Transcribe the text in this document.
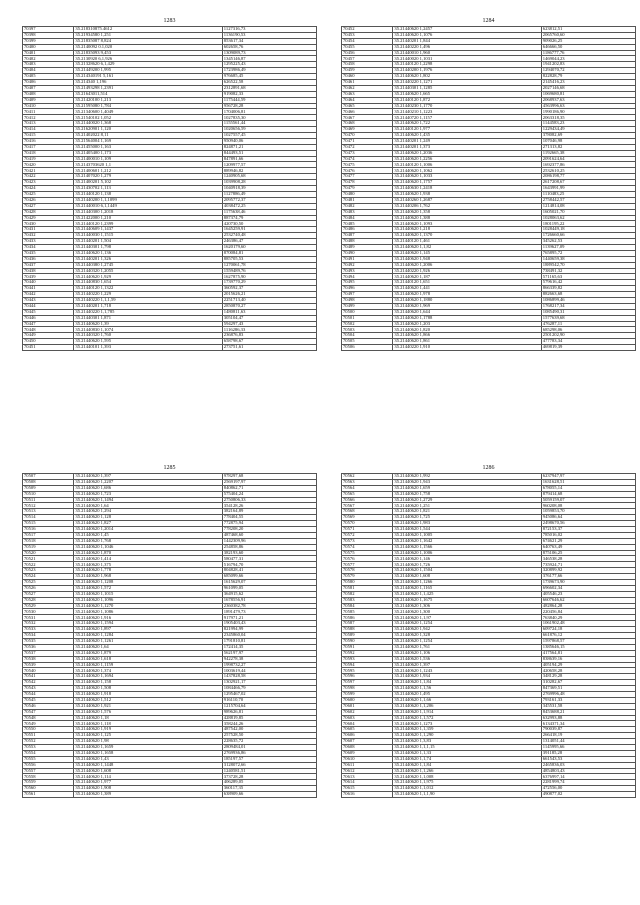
1283
70397	35.218310875.4612	1127316,73
70398	35.21934580 1,251	1136190,53
70399	35.21835087 8,824	853617,34
70400	35.2140092 0.1,020	602658,76
70401	35.21835093 9,453	1309089,73
70402	35.2130920 6,1,926	1345146,87
70403	35.21328620 6,1,429	1295225,43
70404	35.21449200 1,995	1723986,49
70405	35.214340191 5,161	976685,45
70406	35.214340 1,196	626522,58
70407	35.21493298 1,2391	2312891,68
70408	35.21643011,514	919082,33
70409	35.21420100 1,213	1175444,59
70410	35.21595080 1,784	956728,28
70411	35.21340600 1,4049	1704006,81
70412	35.21540102 1,052	1027835,30
70413	35.21440020 1,368	1155561,44
70414	35.21620901 1,120	1020656,59
70415	35.21402022 8,11	1027557,45
70416	35.21564004 1,169	950940,06
70417	35.21455000 1,163	824871,21
70418	35.21405400 1,173	844493,51
70419	35.21400010 1,109	847891,66
70420	35.2143703620 1,1	1209977,57
70421	35.21400601 1,212	889946,82
70422	35.21407020 1,279	1240905,68
70423	35.21400201 5,102	1039908,28
70424	35.21430702 1,113	1040918,39
70425	35.21440120 1,138	1127886,49
70426	35.21440200 1,1,1099	2095772,37
70427	35.21440010 6,1,1449	4038472,25
70428	35.21440300 1,2018	1175638,46
70429	35.21422000 1,210	887374,79
70430	35.21440120 1,2399	420730,50
70431	35.21440609 1,1437	1645259,91
70432	35.21440030 1,1515	2532740,48
70433	35.21440201 1,504	246386,47
70434	35.21440301 1,798	1620179,60
70435	35.21440620 1,136	870084,81
70436	35.21440201 1,326	885705,53
70437	35.21440380 1,2745	1270061,78
70438	35.21440320 1,2055	1559489,76
70439	35.21440620 1,929	1627875,90
70440	35.21440830 1,654	1739770,29
70441	35.21440120 1,1322	360592,37
70442	35.21440220 1,229	2015626,21
70443	35.21440220 1,1,1,59	2251713,40
70444	35.21440201 1,718	2850870,27
70445	35.21440220 1,1,785	1480811,63
70446	35.21440301 1,871	305104,47
70447	35.21440620 1,39	594297,43
70448	35.21440830 1,1074	1116286,33
70449	35.21440320 1,760	236876,83
70450	35.21440620 1,595	658798,67
70451	35.21440101 1,393	273751,61
1284
70452	35.21440620 1,2457	623812,51
70453	35.21440620 1,1076	2065760,60
70454	35.21440201 1,844	909026,25
70455	35.21440220 1,496	646666,50
70456	35.21440010 1,960	1186777,76
70457	35.21440020 1,1031	1469044,23
70458	35.21440120 1,2298	1941202,83
70459	35.21440200 1,1976	1294070,72
70460	35.21440620 1,802	822828,79
70461	35.21440220 1,1271	2145416,23
70462	35.21440301 1,1285	2027146,68
70463	35.21440620 1,665	1069680,81
70464	35.21440120 1,872	2068937,63
70465	35.21440230 1,1770	4563996,63
70466	35.21440210 1,1223	1990186,90
70467	35.21440720 1,1157	2063318,35
70468	35.21440620 1,722	1144583,23
70469	35.21440120 1,977	1229434,49
70470	35.21440620 1,435	378082,69
70471	35.21440201 1,249	107046,98
70472	35.21440201 1,373	271313,82
70473	35.21440620 1,2036	1192665,38
70474	35.21440620 1,2256	2091624,64
70475	35.21440120 1,1006	1692377,86
70476	35.21440620 1,1062	2532610,25
70477	35.21440620 1,1033	2086198,77
70478	35.21440620 1,1757	2617208,67
70479	35.21440630 1,2418	1643991,99
70480	35.21440620 1,938	1110483,25
70481	35.21440260 1,2687	2758442,57
70482	35.21440206 1,762	1214814,08
70483	35.21440620 1,358	1605021,70
70484	35.21440620 1,388	1028063,62
70485	35.21440620 1,1093	1801195,22
70486	35.21440620 1,218	1028449,18
70487	35.21440620 1,1370	1726660,66
70488	35.21440120 1,461	345262,53
70489	35.21440620 1,1,82	1139627,09
70490	35.21440620 1,145	765895,72
70491	35.21440620 1,948	1440659,38
70492	35.21440620 1,2006	1889542,70
70493	35.21440220 1,926	738491,32
70494	35.21440620 1,187	571165,63
70495	35.21440120 1,651	579616,42
70496	35.21440620 1,441	866339,82
70497	35.21440620 1,978	882663,68
70498	35.21440620 1,1880	1086899,46
70499	35.21440620 1,969	1768217,34
70500	35.21440620 1,644	1085490,31
70501	35.21440620 1,1788	1577639,68
70502	35.21440620 1,203	476287,11
70503	35.21440620 1,820	685298,06
70504	35.21440620 1,866	2501202,90
70505	35.21440620 1,861	477783,34
70506	35.21440220 1,910	469819,39
1285
70507	35.21440620 1,397	978297,68
70508	35.21440620 1,2207	2569197,97
70509	35.21440620 1,686	840862,71
70510	35.21440620 1,723	575404,24
70511	35.21440620 1,1494	2750806,33
70512	35.21440620 1,64	354128,26
70513	35.21440620 1,294	382164,89
70514	35.21440620 1,128	778404,55
70515	35.21440620 1,827	772875,94
70516	35.21440620 1,2014	778208,20
70517	35.21440620 1,45	487468,60
70518	35.21440620 1,768	1442309,96
70519	35.21440620 1,1046	254858,86
70520	35.21440620 1,870	382193,60
70521	35.21440620 1,414	580477,31
70522	35.21440620 1,375	516794,70
70523	35.21440620 1,778	804828,41
70524	35.21440620 1,968	685099,66
70525	35.21440620 1,1208	1615629,07
70526	35.21440620 1,572	961099,05
70527	35.21440620 1,1015	364915,62
70528	35.21440620 1,1096	1678556,91
70529	35.21440620 1,1270	2360382,78
70530	35.21440620 1,1086	1891479,73
70531	35.21440620 1,916	917971,21
70532	35.21440620 1,1594	1905403,43
70533	35.21440620 1,897	821994,99
70534	35.21440620 1,1284	2345860,04
70535	35.21440620 1,1261	1791810,81
70536	35.21440620 1,64	172414,35
70537	35.21440620 1,879	562197,97
70538	35.21440620 1,618	942278,38
70539	35.21440620 1,1159	1998732,27
70540	35.21440620 1,374	1003619,44
70541	35.21440620 1,1694	1437828,58
70542	35.21440620 1,158	1302921,17
70543	35.21440620 1,508	1084466,79
70544	35.21440620 1,918	1295467,02
70545	35.21440620 1,512	916110,70
70546	35.21440620 1,921	1215704,64
70547	35.21440620 1,576	989626,81
70548	35.21440620 1,18	428819,85
70549	35.21440620 1,118	358244,26
70550	35.21440620 1,919	487542,00
70551	35.21440620 1,125	257528,50
70552	35.21440620 1,98	228635,72
70553	35.21440620 1,1659	2809484,01
70554	35.21440620 1,1658	2769936,86
70555	35.21440620 1,43	185197,57
70556	35.21440620 1,1448	3128072,66
70557	35.21440620 1,608	1240581,51
70558	35.21440620 1,114	373728,28
70559	35.21440620 1,977	406289,05
70560	35.21440620 1,908	360117,35
70561	35.21440620 1,389	638909,66
1286
70562	35.21440620 1,992	6237947,97
70563	35.21440620 1,943	1631628,51
70564	35.21440620 1,659	678055,14
70565	35.21440620 1,758	879414,68
70566	35.21440620 1,2729	5059159,07
70567	35.21440620 1,251	960208,08
70568	35.21440620 1,821	1059853,70
70569	35.21440620 1,725	945086,64
70570	35.21440620 1,983	2498670,56
70571	35.21440620 1,544	872153,37
70572	35.21440620 1,1005	785016,02
70573	35.21440620 1,1642	674621,29
70574	35.21440620 1,1566	640763,49
70575	35.21440620 1,1006	875106,25
70576	35.21440620 1,146	346538,28
70577	35.21440620 1,726	735924,71
70578	35.21440620 1,1504	320899,92
70579	35.21440620 1,608	376177,66
70580	35.21440620 1,1266	1739673,90
70581	35.21440620 1,1165	696602,34
70582	35.21440620 1,1,425	405546,23
70583	35.21440620 1,1675	6607646,62
70584	35.21440620 1,306	482864,28
70585	35.21440620 1,300	220456,84
70586	35.21440620 1,1,97	763840,29
70587	35.21440620 1,1254	1061902,48
70588	35.21440620 1,942	609724,18
70589	35.21440620 1,328	661876,12
70590	35.21440620 1,1254	1597868,57
70591	35.21440620 1,761	1385646,15
70592	35.21440620 1,106	417564,81
70593	35.21440620 1,536	838639,16
70594	35.21440620 1,397	405194,29
70595	35.21440620 1,1243	420658,28
70596	35.21440620 1,934	348129,28
70597	35.21440620 1,1,84	310282,67
70598	35.21440620 1,1,56	847369,51
70599	35.21440620 1,495	2769996,48
70600	35.21440620 1,1,66	793161,33
70601	35.21440620 1,1,206	345531,58
70602	35.21440620 1,1,914	8453688,21
70603	35.21440620 1,1,572	632993,88
70604	35.21440620 1,1273	6134371,34
70605	35.21440620 1,1,359	790039,87
70606	35.21440620 1,1,290	266418,19
70607	35.21440620 1,3,83	1314051,44
70608	35.21440620 1,1,1,15	1145995,66
70609	35.21440620 1,1,33	391185,28
70610	35.21440620 1,1,74	661543,53
70611	35.21440620 1,1,84	2465836,03
70612	35.21440620 1,1,266	4854803,43
70613	35.21440620 1,1,008	6376997,14
70614	35.21440620 1,1,975	2281999,74
70615	35.21440620 1,1,012	472556,00
70616	35.21440620 1,1,1,90	490877,02
